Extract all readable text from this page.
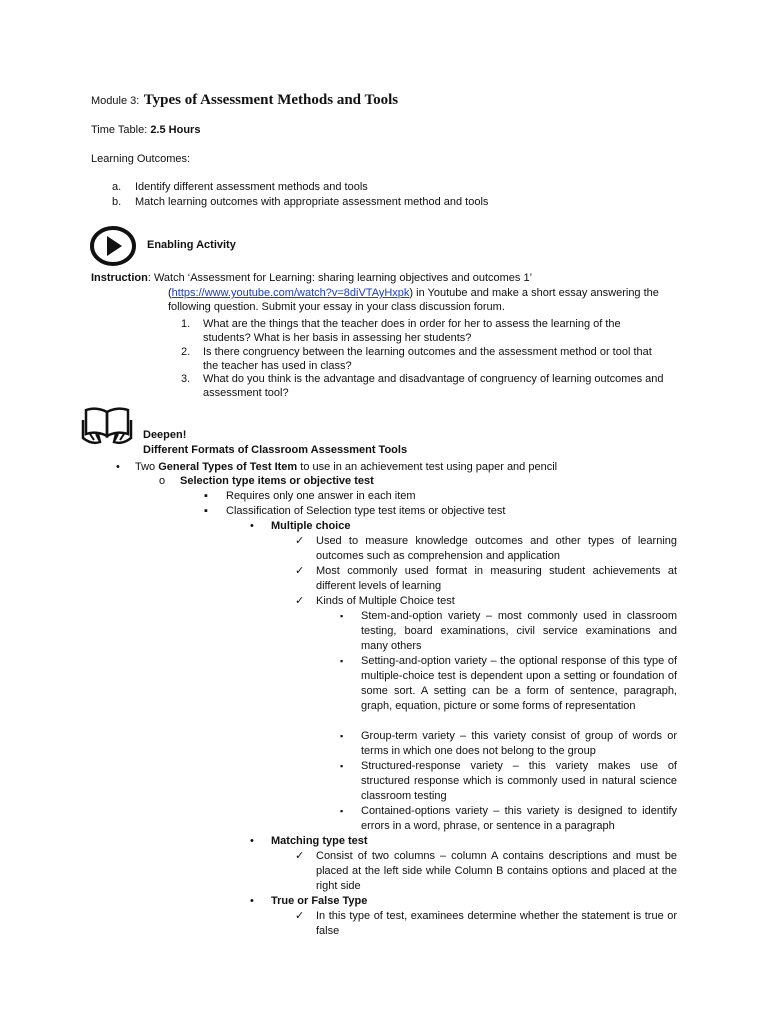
Module 3: Types of Assessment Methods and Tools
Time Table: 2.5 Hours
Learning Outcomes:
a. Identify different assessment methods and tools
b. Match learning outcomes with appropriate assessment method and tools
Enabling Activity
Instruction: Watch ‘Assessment for Learning: sharing learning objectives and outcomes 1’
(https://www.youtube.com/watch?v=8diVTAyHxpk) in Youtube and make a short essay answering the
following question. Submit your essay in your class discussion forum.
1. What are the things that the teacher does in order for her to assess the learning of the
students? What is her basis in assessing her students?
2. Is there congruency between the learning outcomes and the assessment method or tool that
the teacher has used in class?
3. What do you think is the advantage and disadvantage of congruency of learning outcomes and
assessment tool?
Deepen!
Different Formats of Classroom Assessment Tools
• Two General Types of Test Item to use in an achievement test using paper and pencil
o Selection type items or objective test
▪ Requires only one answer in each item
▪ Classification of Selection type test items or objective test
• Multiple choice
✓ Used to measure knowledge outcomes and other types of learning outcomes such as comprehension and application
✓ Most commonly used format in measuring student achievements at different levels of learning
✓ Kinds of Multiple Choice test
▪ Stem-and-option variety – most commonly used in classroom testing, board examinations, civil service examinations and many others
▪ Setting-and-option variety – the optional response of this type of multiple-choice test is dependent upon a setting or foundation of some sort. A setting can be a form of sentence, paragraph, graph, equation, picture or some forms of representation
▪ Group-term variety – this variety consist of group of words or terms in which one does not belong to the group
▪ Structured-response variety – this variety makes use of structured response which is commonly used in natural science classroom testing
▪ Contained-options variety – this variety is designed to identify errors in a word, phrase, or sentence in a paragraph
• Matching type test
✓ Consist of two columns – column A contains descriptions and must be placed at the left side while Column B contains options and placed at the right side
• True or False Type
✓ In this type of test, examinees determine whether the statement is true or false
